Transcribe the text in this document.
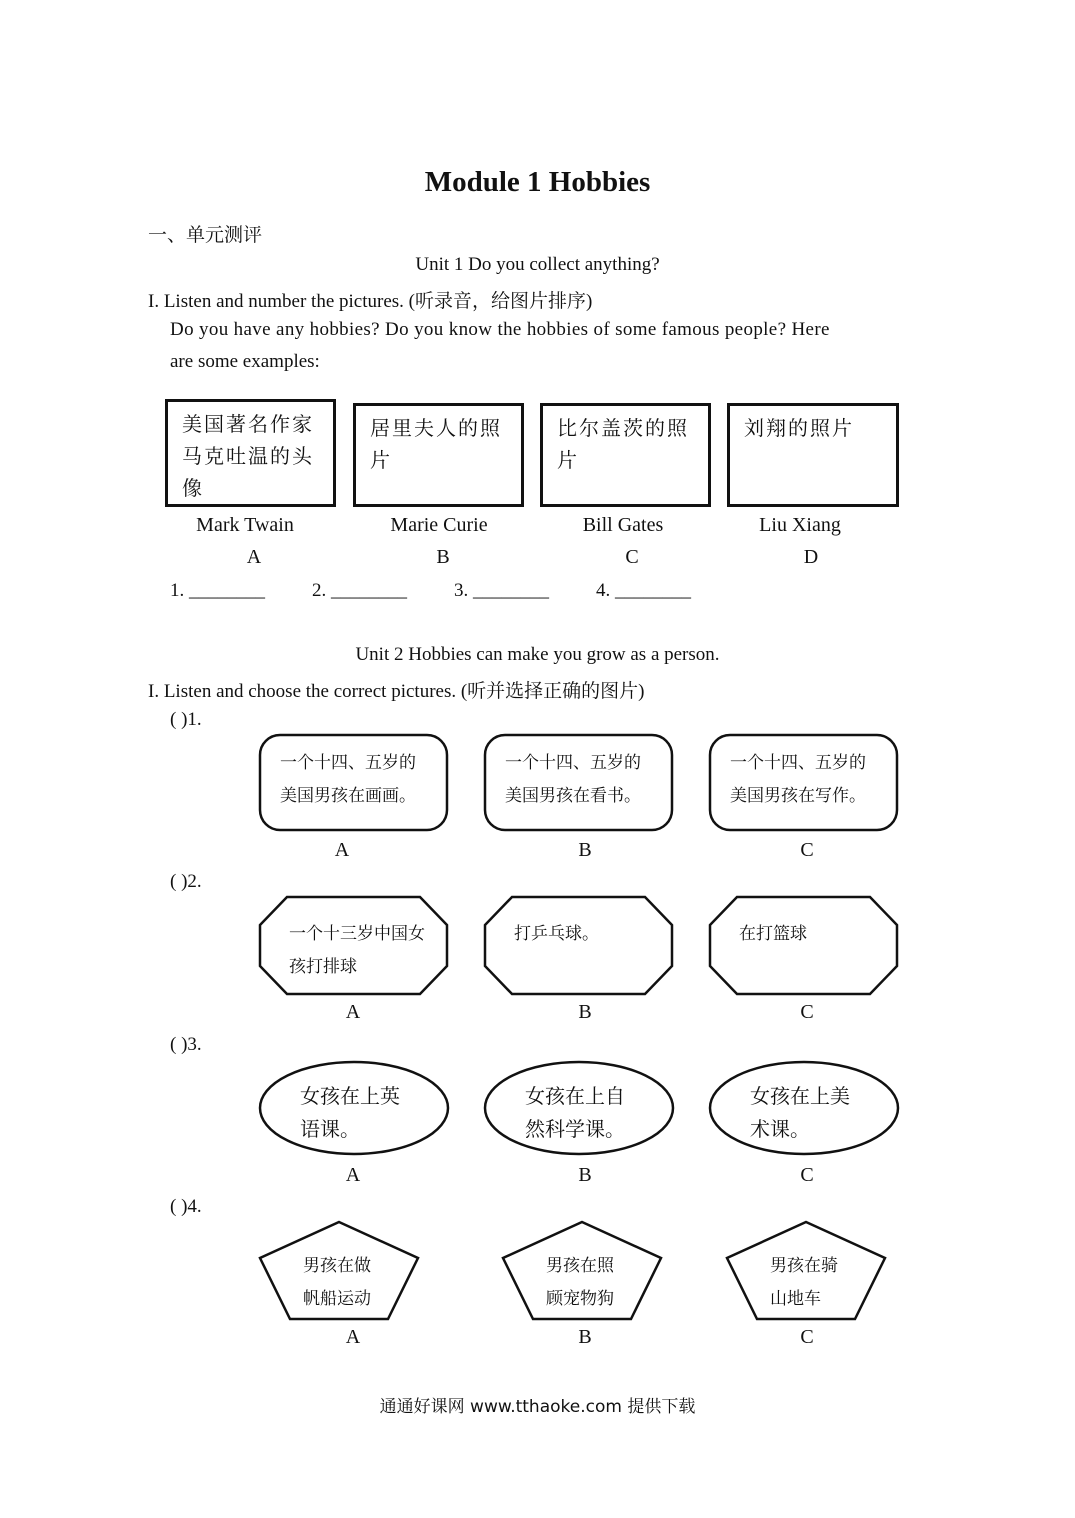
Module 1 Hobbies
一、单元测评
Unit 1 Do you collect anything?
I. Listen and number the pictures. (听录音，给图片排序)
Do you have any hobbies? Do you know the hobbies of some famous people? Here
are some examples:
美国著名作家马克吐温的头像
居里夫人的照片
比尔盖茨的照片
刘翔的照片
Mark Twain	Marie Curie	Bill Gates	Liu Xiang
A	B	C	D
1. ________ 2. ________ 3. ________ 4. ________
Unit 2 Hobbies can make you grow as a person.
I. Listen and choose the correct pictures. (听并选择正确的图片)
( )1.
( )2.
( )3.
( )4.
一个十四、五岁的美国男孩在画画。
一个十四、五岁的美国男孩在看书。
一个十四、五岁的美国男孩在写作。
一个十三岁中国女孩打排球
打乒乓球。	在打篮球
女孩在上英语课。
女孩在上自然科学课。
女孩在上美术课。
男孩在做帆船运动
男孩在照顾宠物狗
男孩在骑山地车
A	B	C
A	B	C
A	B	C
A	B	C
通通好课网 www.tthaoke.com 提供下载
